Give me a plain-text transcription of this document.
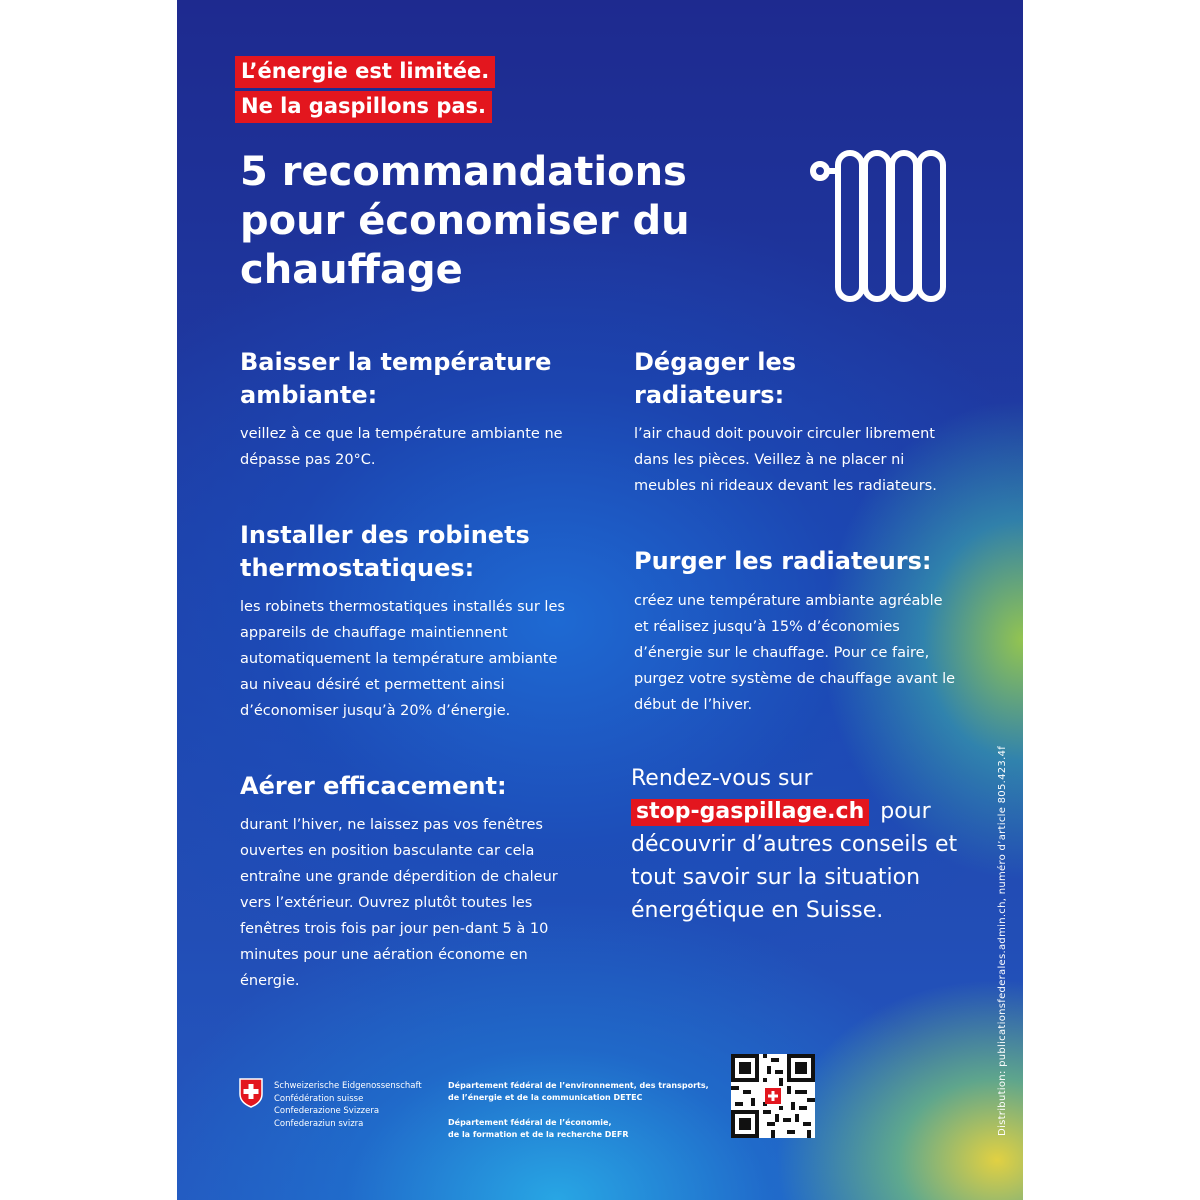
L’énergie est limitée.
Ne la gaspillons pas.
5 recommandations pour économiser du chauffage
Baisser la température ambiante:

veillez à ce que la température ambiante ne dépasse pas 20°C.

Dégager les radiateurs:

l’air chaud doit pouvoir circuler librement dans les pièces. Veillez à ne placer ni meubles ni rideaux devant les radiateurs.

Installer des robinets thermostatiques:

les robinets thermostatiques installés sur les appareils de chauffage maintiennent automatiquement la température ambiante au niveau désiré et permettent ainsi d’économiser jusqu’à 20% d’énergie.

Purger les radiateurs:

créez une température ambiante agréable et réalisez jusqu’à 15% d’économies d’énergie sur le chauffage. Pour ce faire, purgez votre système de chauffage avant le début de l’hiver.

Aérer efficacement:

durant l’hiver, ne laissez pas vos fenêtres ouvertes en position basculante car cela entraîne une grande déperdition de chaleur vers l’extérieur. Ouvrez plutôt toutes les fenêtres trois fois par jour pen-dant 5 à 10 minutes pour une aération économe en énergie.

Rendez-vous sur
stop-gaspillage.ch pour découvrir d’autres conseils et tout savoir sur la situation énergétique en Suisse.
Schweizerische Eidgenossenschaft
Confédération suisse
Confederazione Svizzera
Confederaziun svizra
Département fédéral de l’environnement, des transports,
de l’énergie et de la communication DETEC
Département fédéral de l’économie,
de la formation et de la recherche DEFR	Distribution: publicationsfederales.admin.ch, numéro d’article 805.423.4f
